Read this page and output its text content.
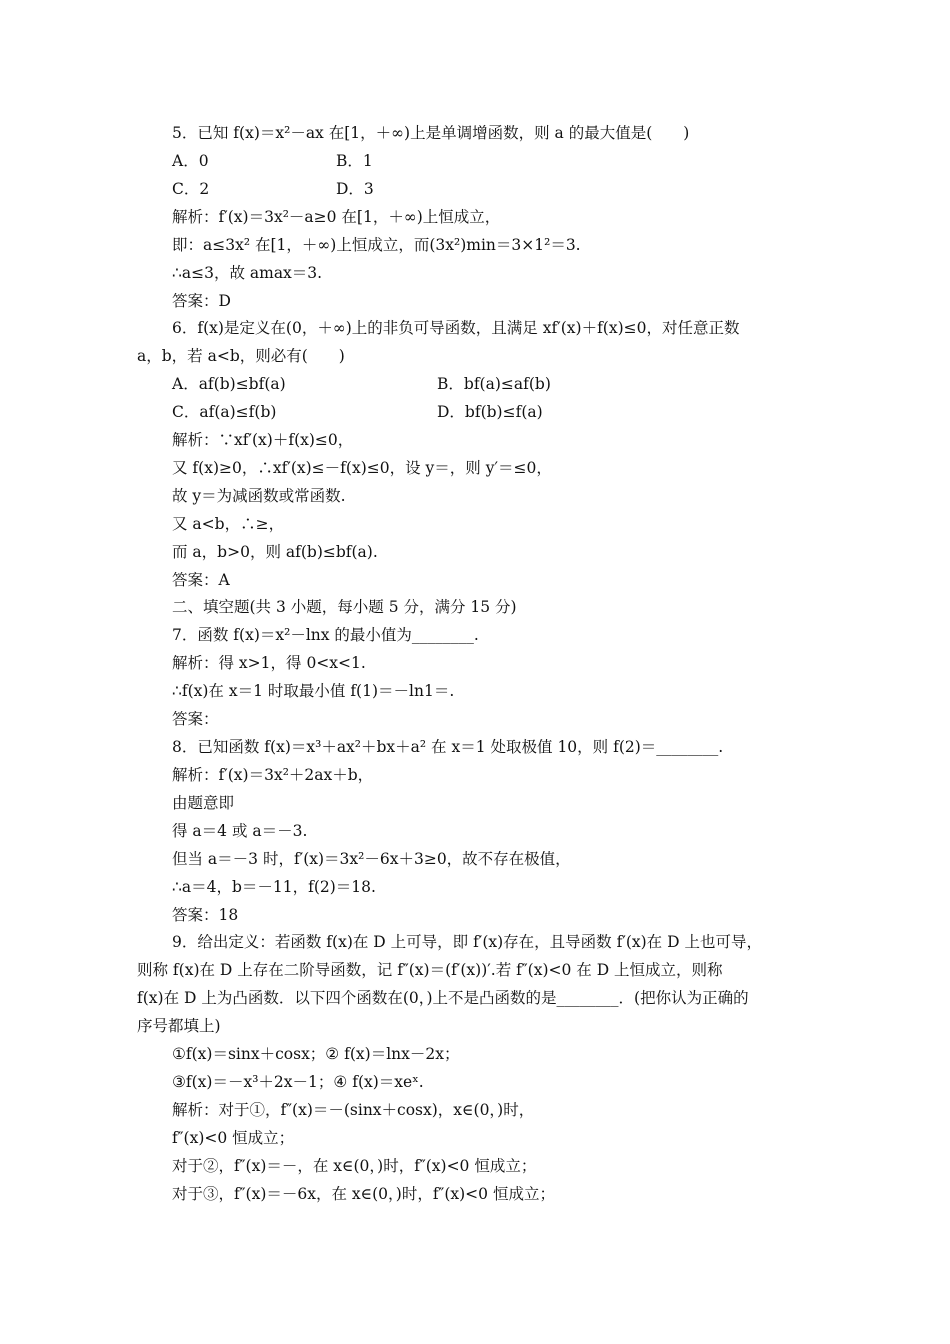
5．已知 f(x)＝x²－ax 在[1，＋∞)上是单调增函数，则 a 的最大值是(　　)
A．0	B．1
C．2	D．3
解析：f′(x)＝3x²－a≥0 在[1，＋∞)上恒成立，
即：a≤3x² 在[1，＋∞)上恒成立，而(3x²)min＝3×1²＝3.
∴a≤3，故 amax＝3.
答案：D
6．f(x)是定义在(0，＋∞)上的非负可导函数，且满足 xf′(x)＋f(x)≤0，对任意正数
a，b，若 a<b，则必有(　　)
A．af(b)≤bf(a)	B．bf(a)≤af(b)
C．af(a)≤f(b)	D．bf(b)≤f(a)
解析：∵xf′(x)＋f(x)≤0，
又 f(x)≥0，∴xf′(x)≤－f(x)≤0，设 y＝，则 y′＝≤0，
故 y＝为减函数或常函数.
又 a<b，∴≥，
而 a，b>0，则 af(b)≤bf(a).
答案：A
二、填空题(共 3 小题，每小题 5 分，满分 15 分)
7．函数 f(x)＝x²－lnx 的最小值为________.
解析：得 x>1，得 0<x<1.
∴f(x)在 x＝1 时取最小值 f(1)＝－ln1＝.
答案：
8．已知函数 f(x)＝x³＋ax²＋bx＋a² 在 x＝1 处取极值 10，则 f(2)＝________.
解析：f′(x)＝3x²＋2ax＋b，
由题意即
得 a＝4 或 a＝－3.
但当 a＝－3 时，f′(x)＝3x²－6x＋3≥0，故不存在极值，
∴a＝4，b＝－11，f(2)＝18.
答案：18
9．给出定义：若函数 f(x)在 D 上可导，即 f′(x)存在，且导函数 f′(x)在 D 上也可导，
则称 f(x)在 D 上存在二阶导函数，记 f″(x)＝(f′(x))′.若 f″(x)<0 在 D 上恒成立，则称
f(x)在 D 上为凸函数．以下四个函数在(0，)上不是凸函数的是________．(把你认为正确的
序号都填上)
①f(x)＝sinx＋cosx；② f(x)＝lnx－2x；
③f(x)＝－x³＋2x－1；④ f(x)＝xeˣ.
解析：对于①，f″(x)＝－(sinx＋cosx)，x∈(0，)时，
f″(x)<0 恒成立；
对于②，f″(x)＝－，在 x∈(0，)时，f″(x)<0 恒成立；
对于③，f″(x)＝－6x，在 x∈(0，)时，f″(x)<0 恒成立；
